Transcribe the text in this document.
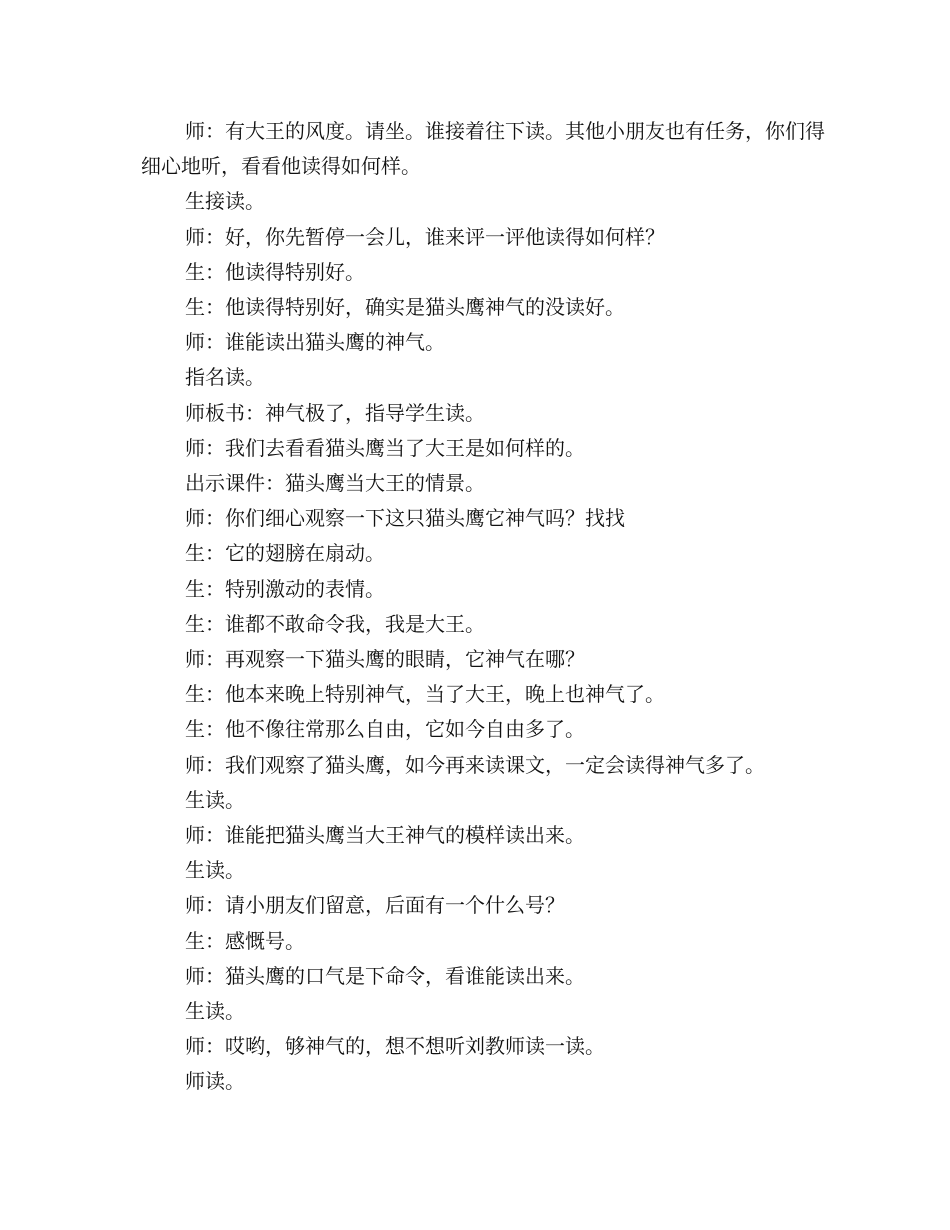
师：有大王的风度。请坐。谁接着往下读。其他小朋友也有任务，你们得细心地听，看看他读得如何样。

生接读。

师：好，你先暂停一会儿，谁来评一评他读得如何样？

生：他读得特别好。

生：他读得特别好，确实是猫头鹰神气的没读好。

师：谁能读出猫头鹰的神气。

指名读。

师板书：神气极了，指导学生读。

师：我们去看看猫头鹰当了大王是如何样的。

出示课件：猫头鹰当大王的情景。

师：你们细心观察一下这只猫头鹰它神气吗？找找

生：它的翅膀在扇动。

生：特别激动的表情。

生：谁都不敢命令我，我是大王。

师：再观察一下猫头鹰的眼睛，它神气在哪？

生：他本来晚上特别神气，当了大王，晚上也神气了。

生：他不像往常那么自由，它如今自由多了。

师：我们观察了猫头鹰，如今再来读课文，一定会读得神气多了。

生读。

师：谁能把猫头鹰当大王神气的模样读出来。

生读。

师：请小朋友们留意，后面有一个什么号？

生：感慨号。

师：猫头鹰的口气是下命令，看谁能读出来。

生读。

师：哎哟，够神气的，想不想听刘教师读一读。

师读。
